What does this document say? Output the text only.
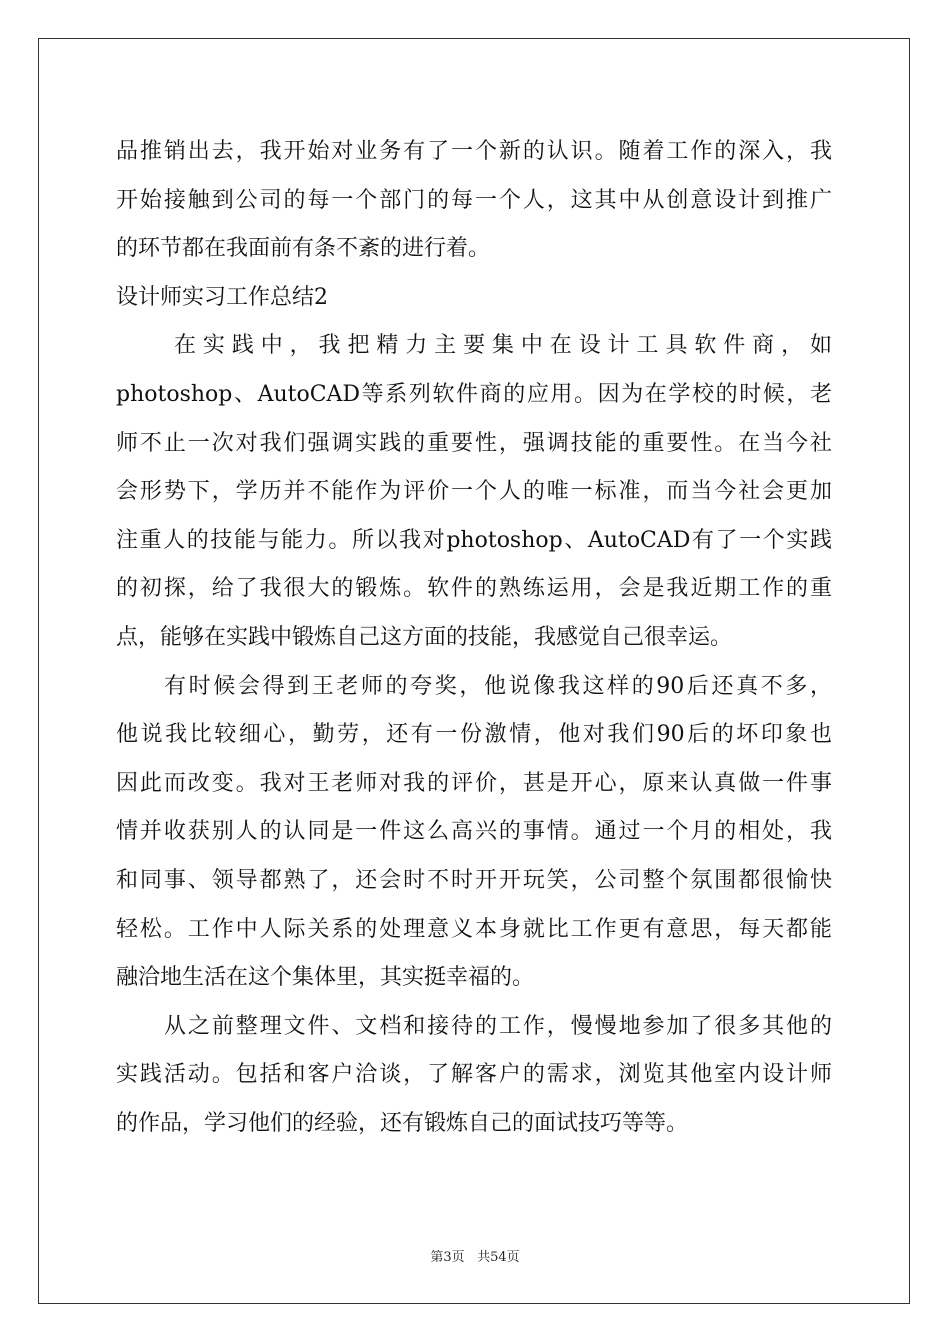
品推销出去，我开始对业务有了一个新的认识。随着工作的深入，我
开始接触到公司的每一个部门的每一个人，这其中从创意设计到推广
的环节都在我面前有条不紊的进行着。
设计师实习工作总结2
在实践中，我把精力主要集中在设计工具软件商，如
photoshop、AutoCAD等系列软件商的应用。因为在学校的时候，老
师不止一次对我们强调实践的重要性，强调技能的重要性。在当今社
会形势下，学历并不能作为评价一个人的唯一标准，而当今社会更加
注重人的技能与能力。所以我对photoshop、AutoCAD有了一个实践
的初探，给了我很大的锻炼。软件的熟练运用，会是我近期工作的重
点，能够在实践中锻炼自己这方面的技能，我感觉自己很幸运。
有时候会得到王老师的夸奖，他说像我这样的90后还真不多，
他说我比较细心，勤劳，还有一份激情，他对我们90后的坏印象也
因此而改变。我对王老师对我的评价，甚是开心，原来认真做一件事
情并收获别人的认同是一件这么高兴的事情。通过一个月的相处，我
和同事、领导都熟了，还会时不时开开玩笑，公司整个氛围都很愉快
轻松。工作中人际关系的处理意义本身就比工作更有意思，每天都能
融洽地生活在这个集体里，其实挺幸福的。
从之前整理文件、文档和接待的工作，慢慢地参加了很多其他的
实践活动。包括和客户洽谈，了解客户的需求，浏览其他室内设计师
的作品，学习他们的经验，还有锻炼自己的面试技巧等等。
第3页 共54页
